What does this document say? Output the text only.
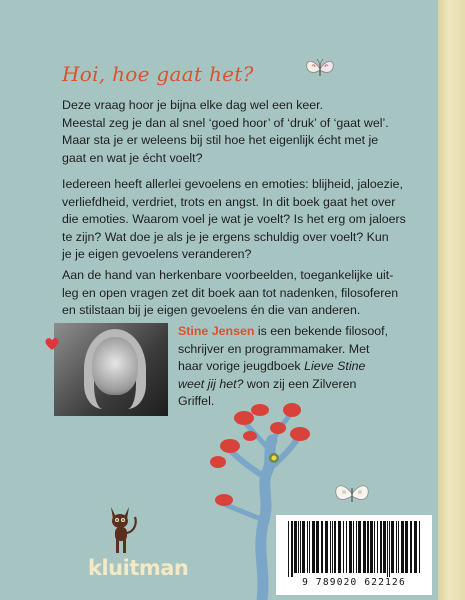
Hoi, hoe gaat het?
Deze vraag hoor je bijna elke dag wel een keer.
Meestal zeg je dan al snel ‘goed hoor’ of ‘druk’ of ‘gaat wel’.
Maar sta je er weleens bij stil hoe het eigenlijk écht met je
gaat en wat je écht voelt?
Iedereen heeft allerlei gevoelens en emoties: blijheid, jaloezie,
verliefdheid, verdriet, trots en angst. In dit boek gaat het over
die emoties. Waarom voel je wat je voelt? Is het erg om jaloers
te zijn? Wat doe je als je je ergens schuldig over voelt? Kun
je je eigen gevoelens veranderen?
Aan de hand van herkenbare voorbeelden, toegankelijke uit-
leg en open vragen zet dit boek aan tot nadenken, filosoferen
en stilstaan bij je eigen gevoelens én die van anderen.
Stine Jensen is een bekende filosoof,
schrijver en programmamaker. Met
haar vorige jeugdboek Lieve Stine
weet jij het? won zij een Zilveren
Griffel.
kluitman
9 789020 622126
